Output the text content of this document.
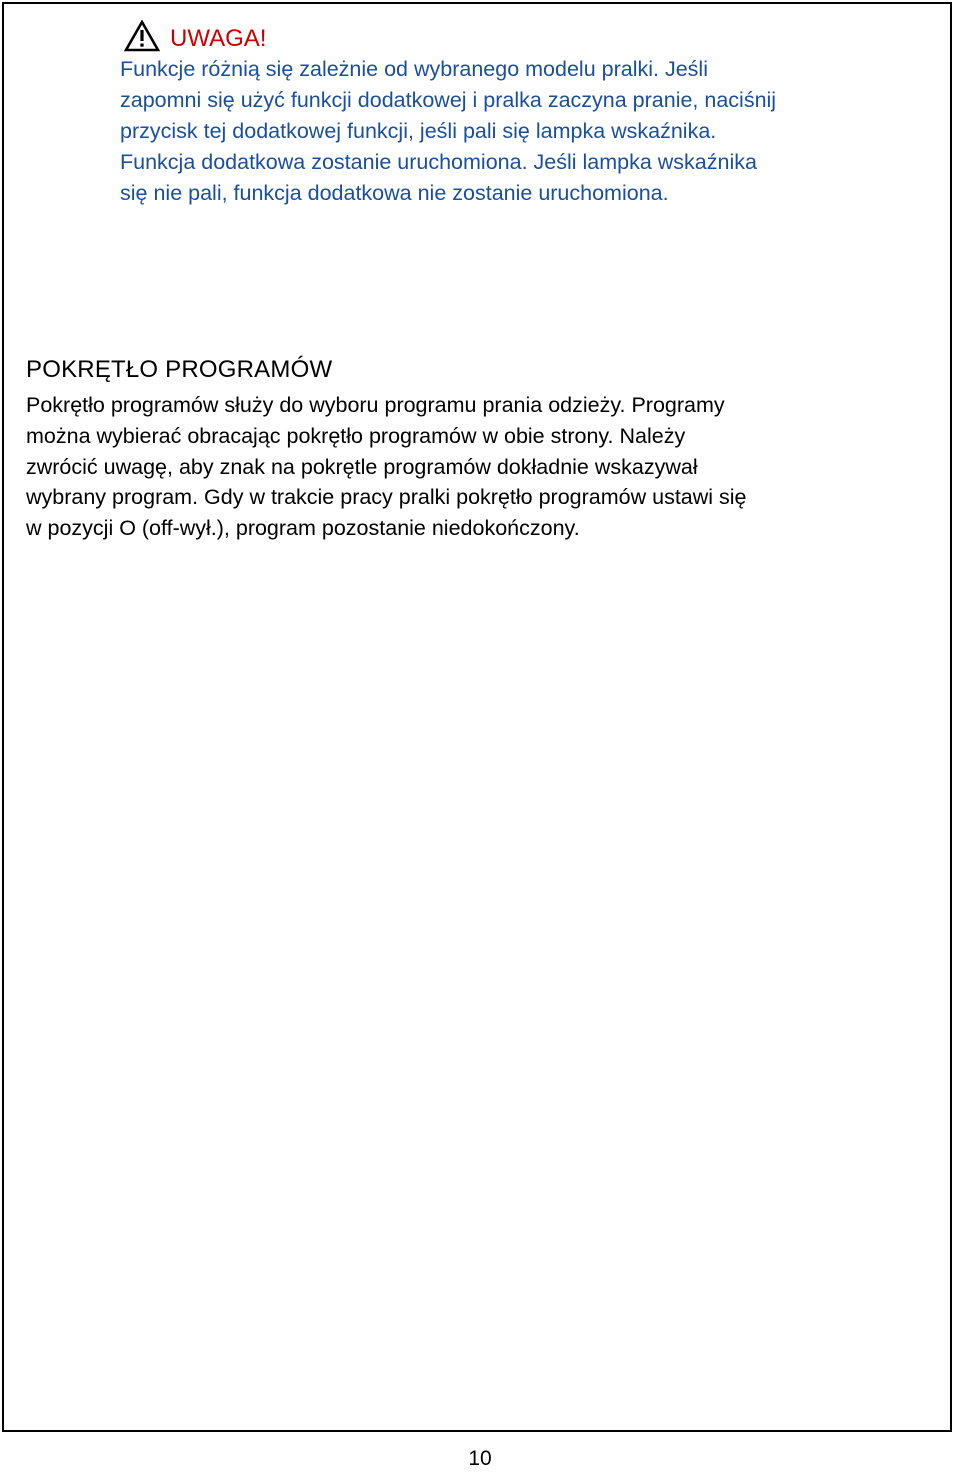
UWAGA!

Funkcje różnią się zależnie od wybranego modelu pralki. Jeśli
zapomni się użyć funkcji dodatkowej i pralka zaczyna pranie, naciśnij
przycisk tej dodatkowej funkcji, jeśli pali się lampka wskaźnika.
Funkcja dodatkowa zostanie uruchomiona. Jeśli lampka wskaźnika
się nie pali, funkcja dodatkowa nie zostanie uruchomiona.

POKRĘTŁO PROGRAMÓW

Pokrętło programów służy do wyboru programu prania odzieży. Programy
można wybierać obracając pokrętło programów w obie strony. Należy
zwrócić uwagę, aby znak na pokrętle programów dokładnie wskazywał
wybrany program. Gdy w trakcie pracy pralki pokrętło programów ustawi się
w pozycji O (off-wył.), program pozostanie niedokończony.

10
